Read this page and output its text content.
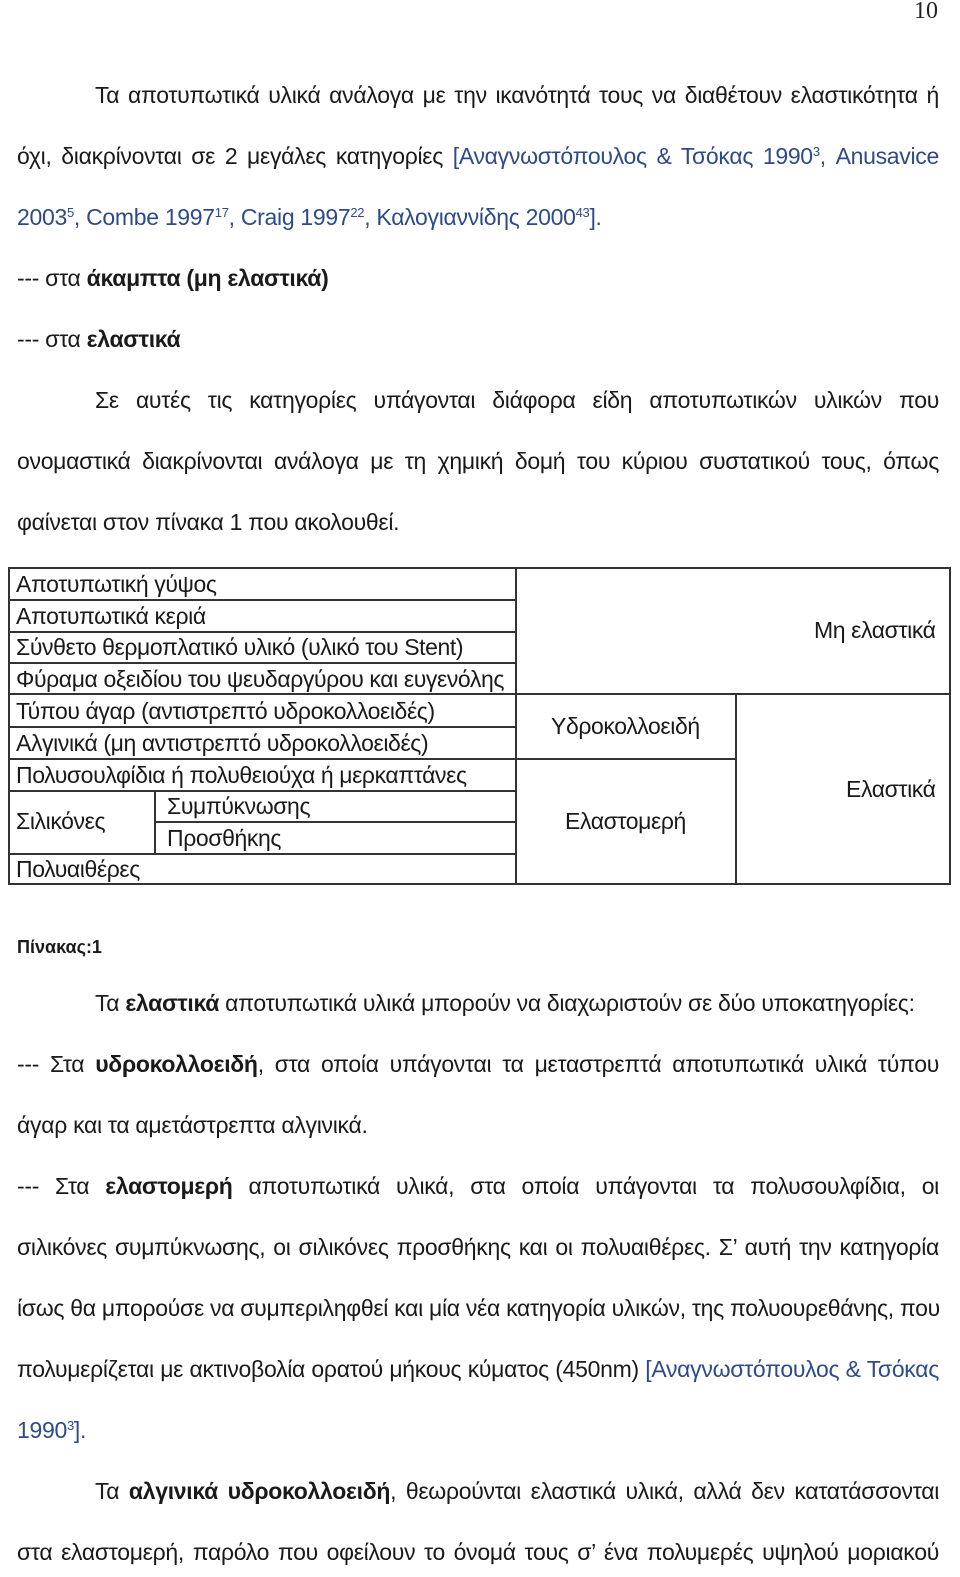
10
Τα αποτυπωτικά υλικά ανάλογα με την ικανότητά τους να διαθέτουν ελαστικότητα ή
όχι, διακρίνονται σε 2 μεγάλες κατηγορίες [Αναγνωστόπουλος & Τσόκας 1990$^3$, Anusavice
2003$^5$, Combe 1997$^{17}$, Craig 1997$^{22}$, Καλογιαννίδης 2000$^{43}$].
--- στα άκαμπτα (μη ελαστικά)
--- στα ελαστικά
Σε αυτές τις κατηγορίες υπάγονται διάφορα είδη αποτυπωτικών υλικών που
ονομαστικά διακρίνονται ανάλογα με τη χημική δομή του κύριου συστατικού τους, όπως
φαίνεται στον πίνακα 1 που ακολουθεί.
Αποτυπωτική γύψος
Αποτυπωτικά κεριά
Σύνθετο θερμοπλατικό υλικό (υλικό του Stent)
Φύραμα οξειδίου του ψευδαργύρου και ευγενόλης
Τύπου άγαρ (αντιστρεπτό υδροκολλοειδές)
Αλγινικά (μη αντιστρεπτό υδροκολλοειδές)
Πολυσουλφίδια ή πολυθειούχα ή μερκαπτάνες
Σιλικόνες
Συμπύκνωσης
Προσθήκης
Πολυαιθέρες
Υδροκολλοειδή
Ελαστομερή
Μη ελαστικά
Ελαστικά
Πίνακας:1
Τα ελαστικά αποτυπωτικά υλικά μπορούν να διαχωριστούν σε δύο υποκατηγορίες:
--- Στα υδροκολλοειδή, στα οποία υπάγονται τα μεταστρεπτά αποτυπωτικά υλικά τύπου
άγαρ και τα αμετάστρεπτα αλγινικά.
--- Στα ελαστομερή αποτυπωτικά υλικά, στα οποία υπάγονται τα πολυσουλφίδια, οι
σιλικόνες συμπύκνωσης, οι σιλικόνες προσθήκης και οι πολυαιθέρες. Σ’ αυτή την κατηγορία
ίσως θα μπορούσε να συμπεριληφθεί και μία νέα κατηγορία υλικών, της πολυουρεθάνης, που
πολυμερίζεται με ακτινοβολία ορατού μήκους κύματος (450nm) [Αναγνωστόπουλος & Τσόκας
1990$^3$].
Τα αλγινικά υδροκολλοειδή, θεωρούνται ελαστικά υλικά, αλλά δεν κατατάσσονται
στα ελαστομερή, παρόλο που οφείλουν το όνομά τους σ’ ένα πολυμερές υψηλού μοριακού
